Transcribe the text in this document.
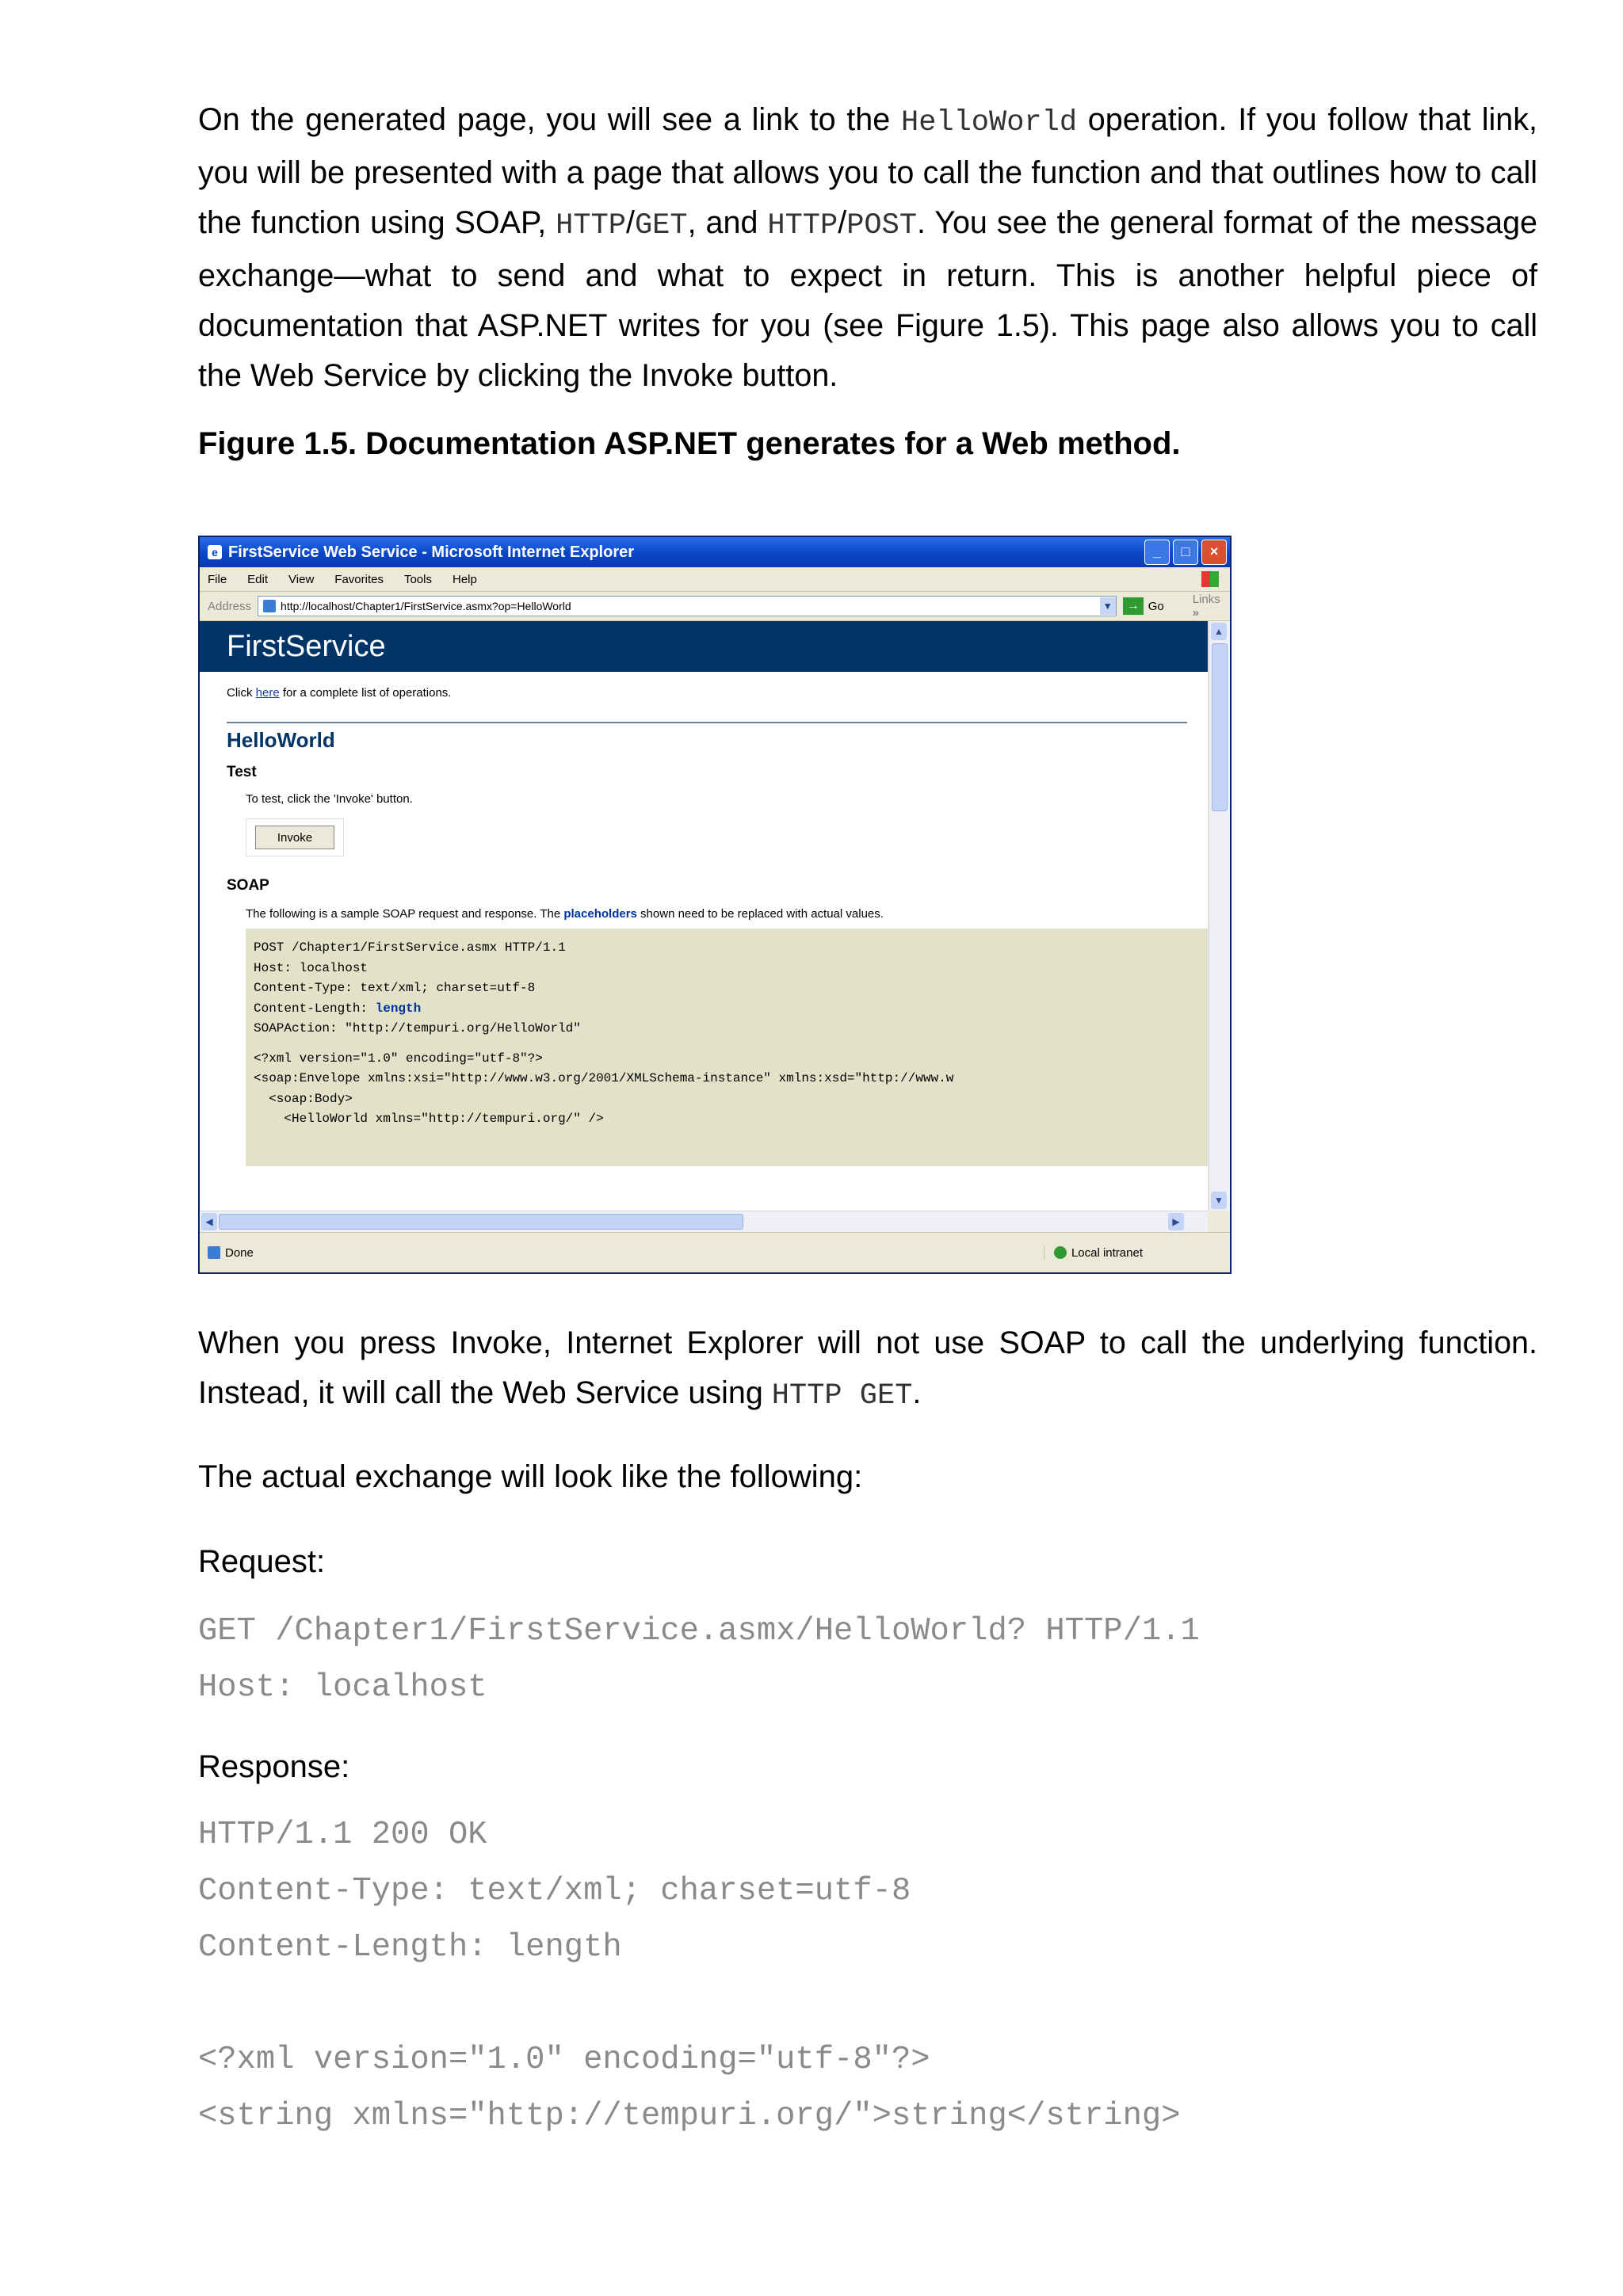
On the generated page, you will see a link to the HelloWorld operation. If you follow that link, you will be presented with a page that allows you to call the function and that outlines how to call the function using SOAP, HTTP/GET, and HTTP/POST. You see the general format of the message exchange—what to send and what to expect in return. This is another helpful piece of documentation that ASP.NET writes for you (see Figure 1.5). This page also allows you to call the Web Service by clicking the Invoke button.

Figure 1.5. Documentation ASP.NET generates for a Web method.

e FirstService Web Service - Microsoft Internet Explorer	_	□	×
File Edit View Favorites Tools Help
Address	http://localhost/Chapter1/FirstService.asmx?op=HelloWorld	▼	→ Go Links »
FirstService
Click here for a complete list of operations.
HelloWorld
Test
To test, click the 'Invoke' button.
Invoke
SOAP
The following is a sample SOAP request and response. The placeholders shown need to be replaced with actual values.
POST /Chapter1/FirstService.asmx HTTP/1.1
Host: localhost
Content-Type: text/xml; charset=utf-8
Content-Length: length
SOAPAction: "http://tempuri.org/HelloWorld"
<?xml version="1.0" encoding="utf-8"?>
<soap:Envelope xmlns:xsi="http://www.w3.org/2001/XMLSchema-instance" xmlns:xsd="http://www.w
<soap:Body>
<HelloWorld xmlns="http://tempuri.org/" />
▲
▼
◀	▶
Done	Local intranet

When you press Invoke, Internet Explorer will not use SOAP to call the underlying function. Instead, it will call the Web Service using HTTP GET.

The actual exchange will look like the following:

Request:

GET /Chapter1/FirstService.asmx/HelloWorld? HTTP/1.1
Host: localhost

Response:

HTTP/1.1 200 OK
Content-Type: text/xml; charset=utf-8
Content-Length: length

<?xml version="1.0" encoding="utf-8"?>
<string xmlns="http://tempuri.org/">string</string>
